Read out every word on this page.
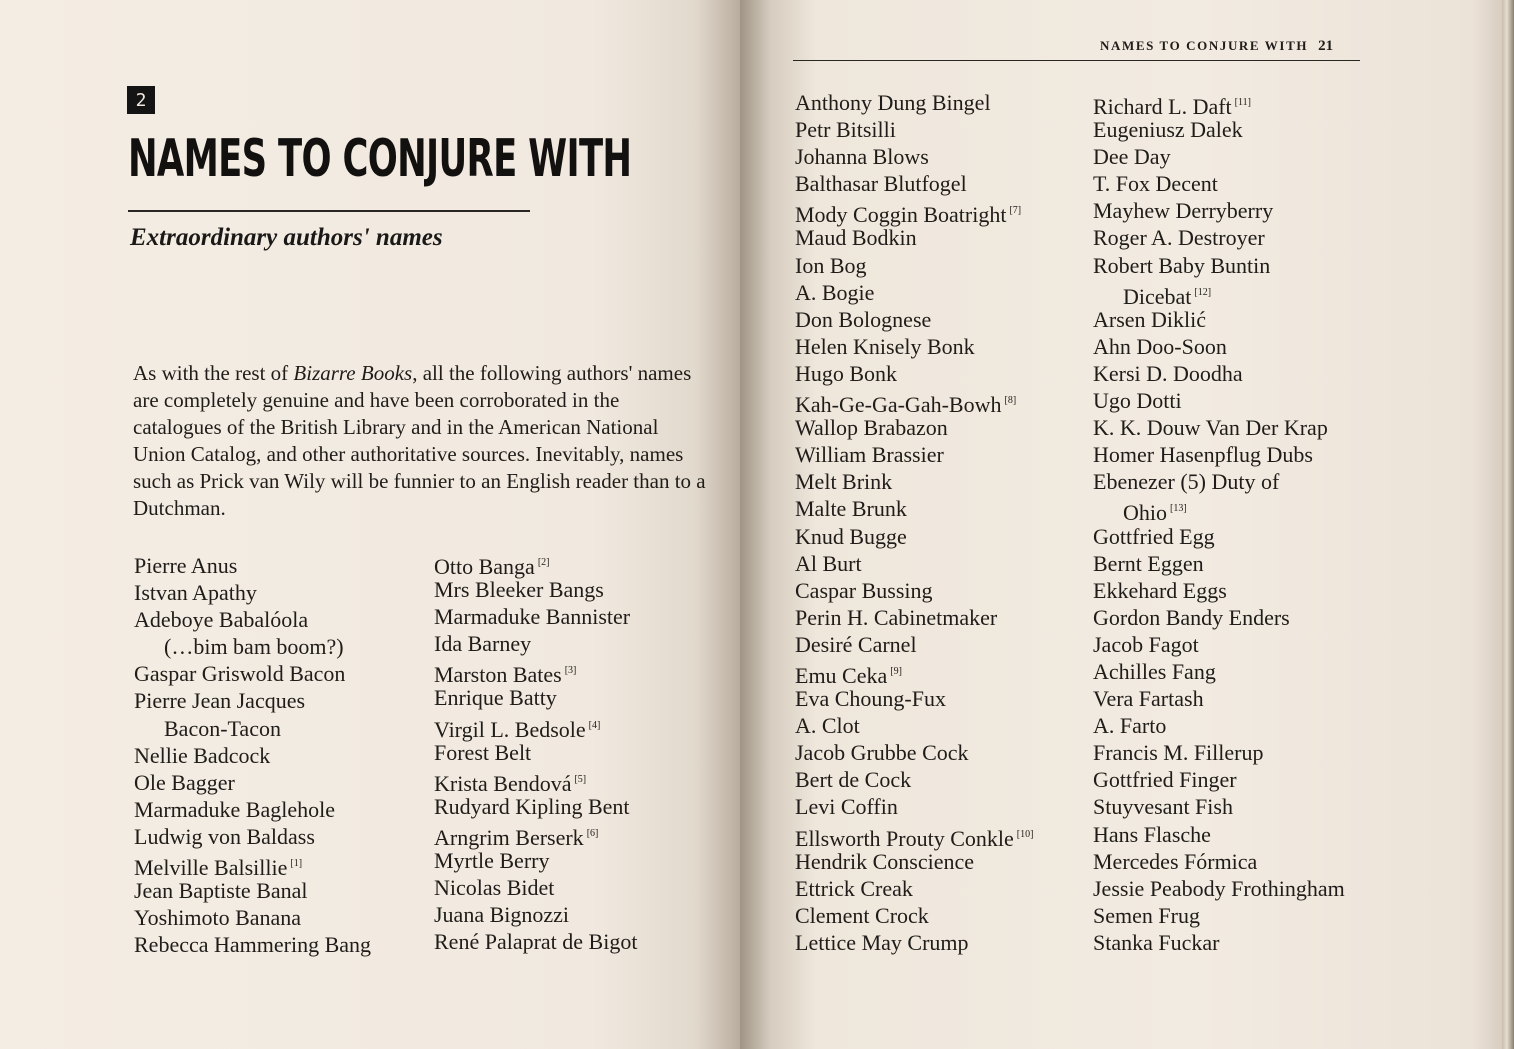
2
NAMES TO CONJURE WITH
Extraordinary authors' names

As with the rest of Bizarre Books, all the following authors' names are completely genuine and have been corroborated in the catalogues of the British Library and in the American National Union Catalog, and other authoritative sources. Inevitably, names such as Prick van Wily will be funnier to an English reader than to a Dutchman.

NAMES TO CONJURE WITH 21
Pierre Anus
Istvan Apathy
Adeboye Babalóola
(…bim bam boom?)
Gaspar Griswold Bacon
Pierre Jean Jacques
Bacon-Tacon
Nellie Badcock
Ole Bagger
Marmaduke Baglehole
Ludwig von Baldass
Melville Balsillie [1]
Jean Baptiste Banal
Yoshimoto Banana
Rebecca Hammering Bang
Otto Banga [2]
Mrs Bleeker Bangs
Marmaduke Bannister
Ida Barney
Marston Bates [3]
Enrique Batty
Virgil L. Bedsole [4]
Forest Belt
Krista Bendová [5]
Rudyard Kipling Bent
Arngrim Berserk [6]
Myrtle Berry
Nicolas Bidet
Juana Bignozzi
René Palaprat de Bigot
Anthony Dung Bingel
Petr Bitsilli
Johanna Blows
Balthasar Blutfogel
Mody Coggin Boatright [7]
Maud Bodkin
Ion Bog
A. Bogie
Don Bolognese
Helen Knisely Bonk
Hugo Bonk
Kah-Ge-Ga-Gah-Bowh [8]
Wallop Brabazon
William Brassier
Melt Brink
Malte Brunk
Knud Bugge
Al Burt
Caspar Bussing
Perin H. Cabinetmaker
Desiré Carnel
Emu Ceka [9]
Eva Choung-Fux
A. Clot
Jacob Grubbe Cock
Bert de Cock
Levi Coffin
Ellsworth Prouty Conkle [10]
Hendrik Conscience
Ettrick Creak
Clement Crock
Lettice May Crump
Richard L. Daft [11]
Eugeniusz Dalek
Dee Day
T. Fox Decent
Mayhew Derryberry
Roger A. Destroyer
Robert Baby Buntin
Dicebat [12]
Arsen Diklić
Ahn Doo-Soon
Kersi D. Doodha
Ugo Dotti
K. K. Douw Van Der Krap
Homer Hasenpflug Dubs
Ebenezer (5) Duty of
Ohio [13]
Gottfried Egg
Bernt Eggen
Ekkehard Eggs
Gordon Bandy Enders
Jacob Fagot
Achilles Fang
Vera Fartash
A. Farto
Francis M. Fillerup
Gottfried Finger
Stuyvesant Fish
Hans Flasche
Mercedes Fórmica
Jessie Peabody Frothingham
Semen Frug
Stanka Fuckar
